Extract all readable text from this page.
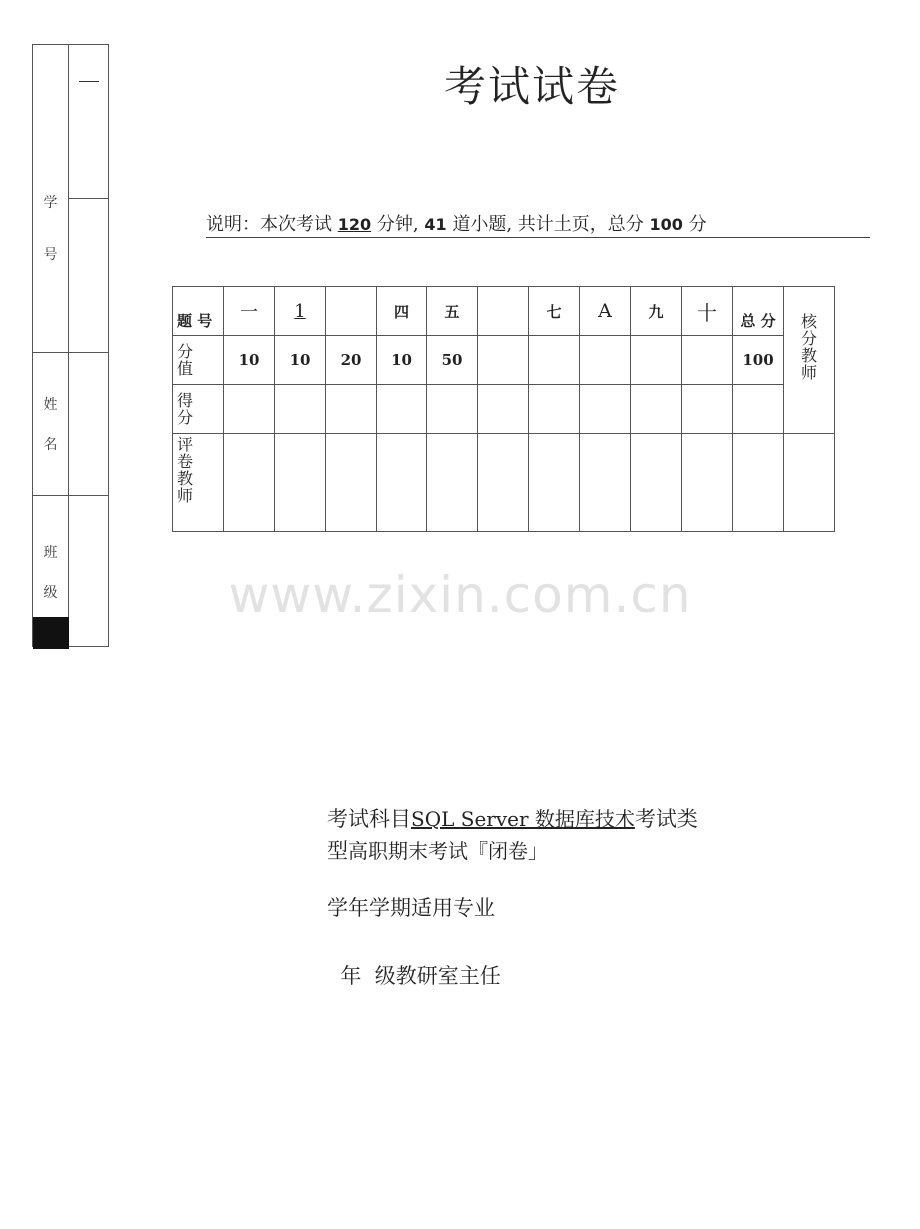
学 号
姓 名
班 级
考试试卷
说明：本次考试 120 分钟, 41 道小题, 共计土页，总分 100 分
题 号	一	1		四	五		七	A	九	十	总 分	核分教师
分值	10	10	20	10	50						100	
得分												
评卷教师												
www.zixin.com.cn
考试科目SQL Server 数据库技术考试类
型高职期末考试『闭卷」
学年学期适用专业

年  级教研室主任
